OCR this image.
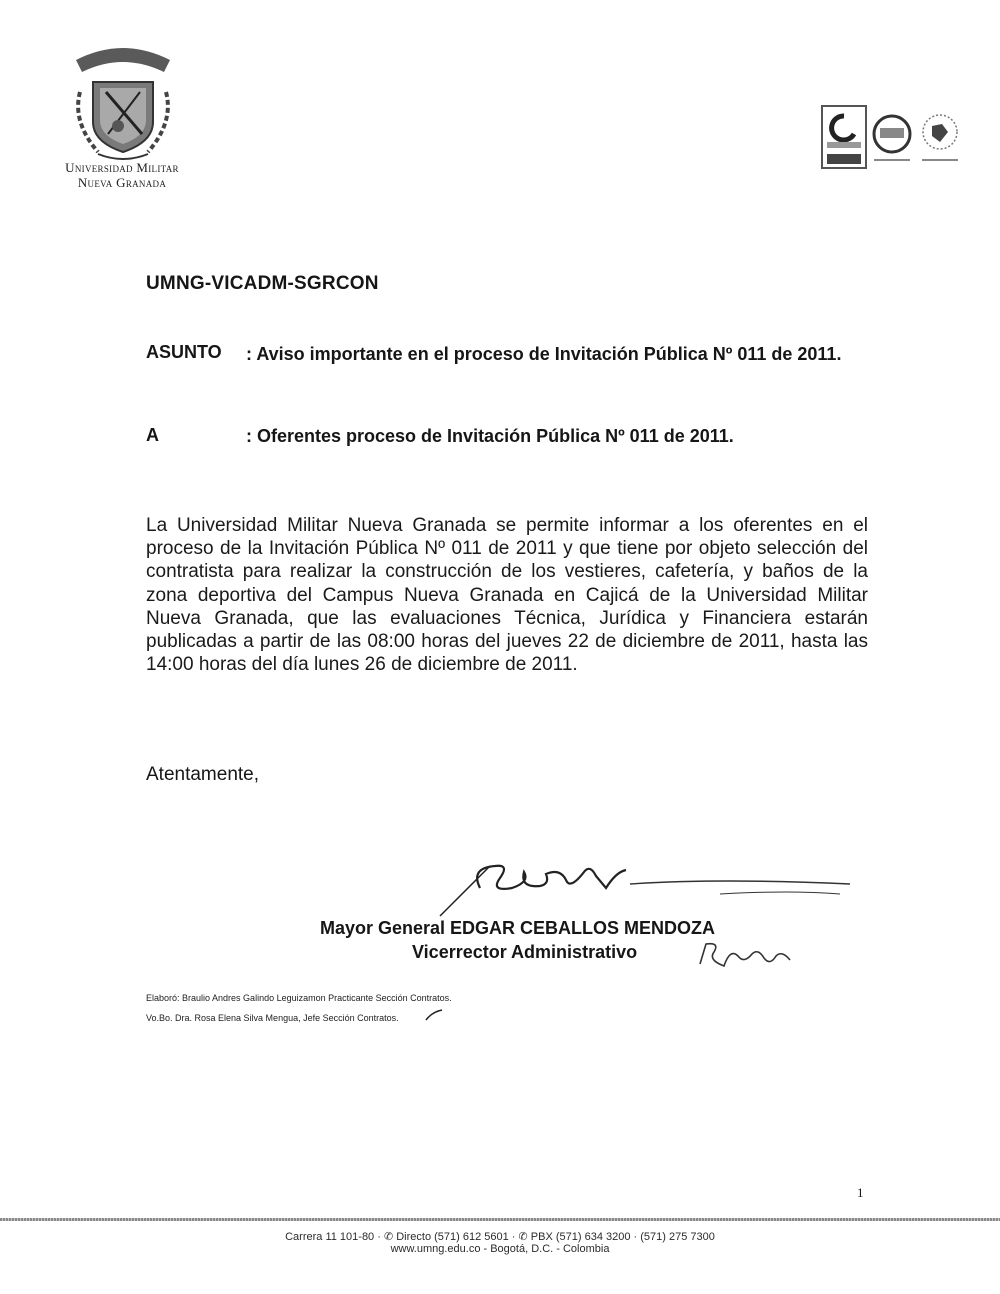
Universidad Militar
Nueva Granada
UMNG-VICADM-SGRCON
ASUNTO : Aviso importante en el proceso de Invitación Pública Nº 011 de 2011.
A	: Oferentes proceso de Invitación Pública Nº 011 de 2011.
La Universidad Militar Nueva Granada se permite informar a los oferentes en el proceso de la Invitación Pública Nº 011 de 2011 y que tiene por objeto selección del contratista para realizar la construcción de los vestieres, cafetería, y baños de la zona deportiva del Campus Nueva Granada en Cajicá de la Universidad Militar Nueva Granada, que las evaluaciones Técnica, Jurídica y Financiera estarán publicadas a partir de las 08:00 horas del jueves 22 de diciembre de 2011, hasta las 14:00 horas del día lunes 26 de diciembre de 2011.
Atentamente,
Mayor General EDGAR CEBALLOS MENDOZA
Vicerrector Administrativo
Elaboró: Braulio Andres Galindo Leguizamon Practicante Sección Contratos.
Vo.Bo. Dra. Rosa Elena Silva Mengua, Jefe Sección Contratos.
1
Carrera 11 101-80 · ✆ Directo (571) 612 5601 · ✆ PBX (571) 634 3200 · (571) 275 7300
www.umng.edu.co - Bogotá, D.C. - Colombia
